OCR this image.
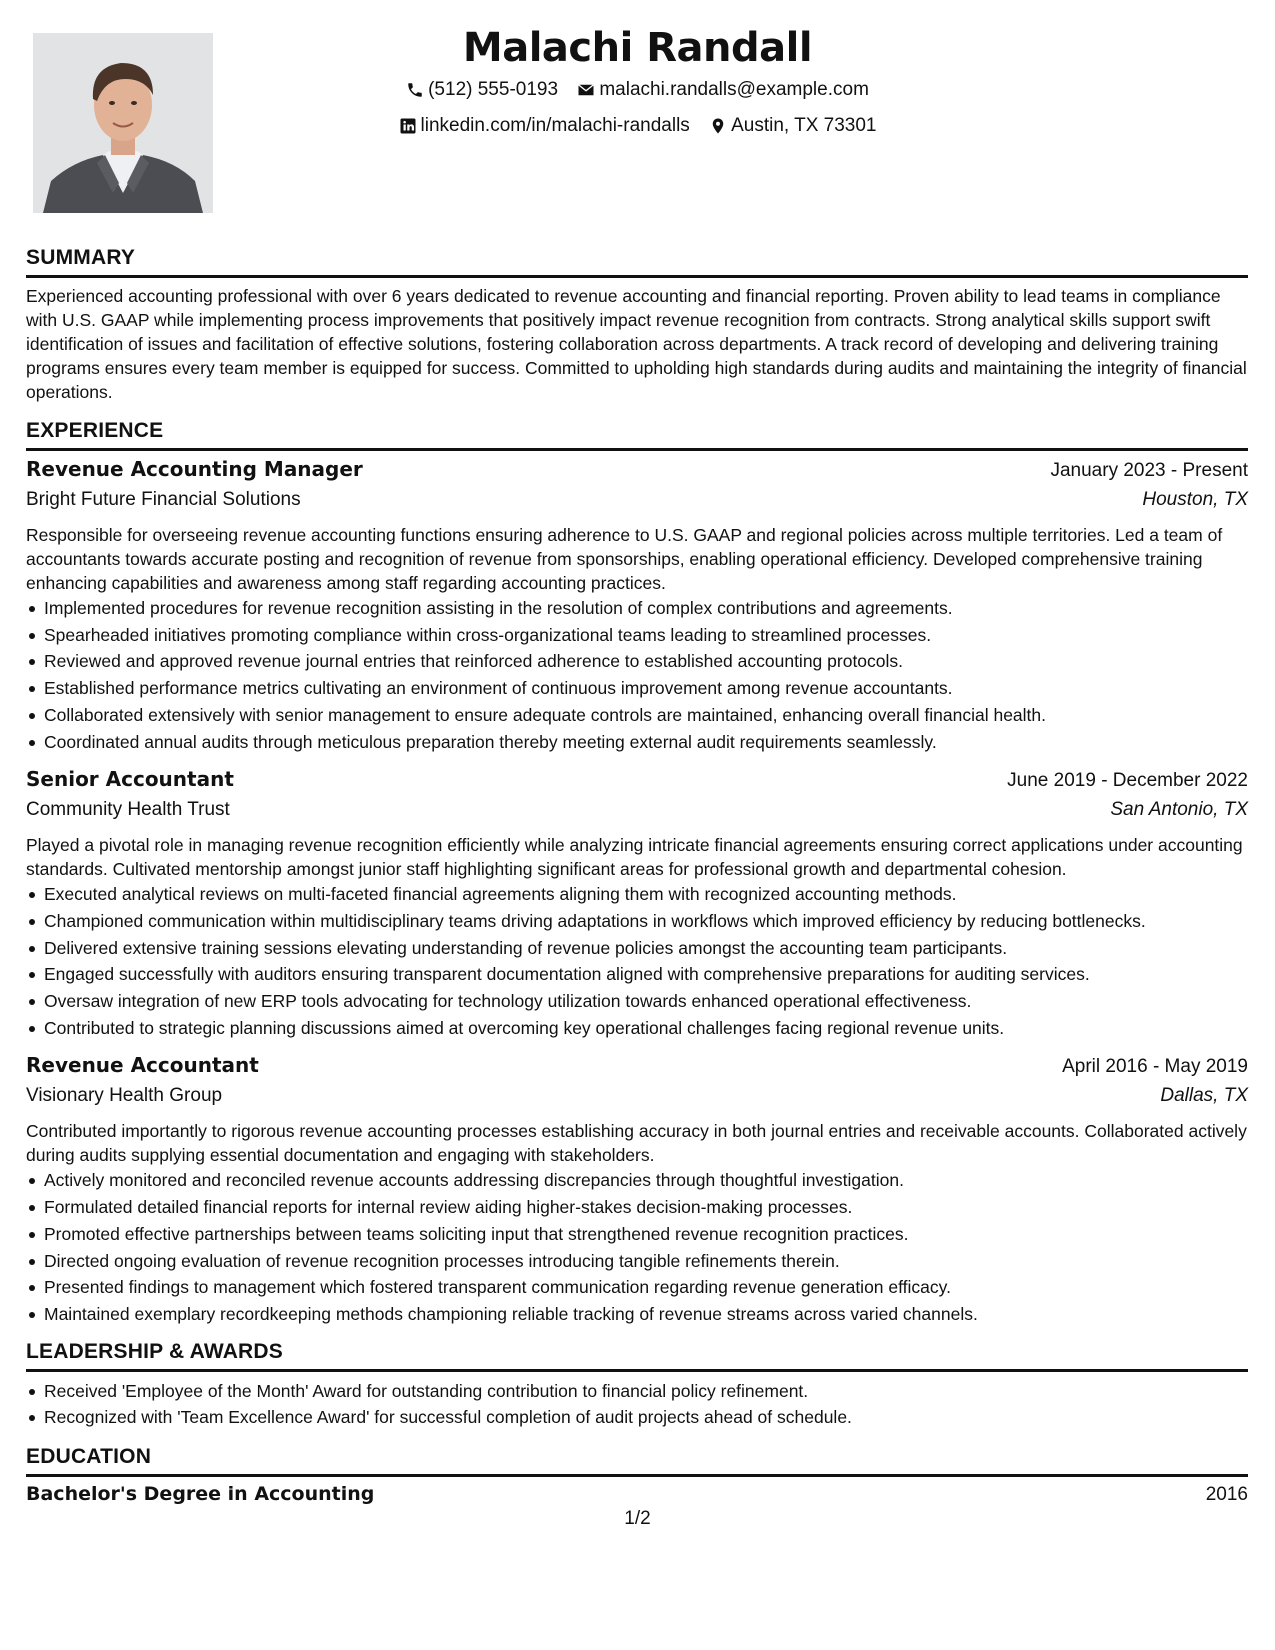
Malachi Randall
(512) 555-0193
malachi.randalls@example.com
linkedin.com/in/malachi-randalls
Austin, TX 73301
SUMMARY

Experienced accounting professional with over 6 years dedicated to revenue accounting and financial reporting. Proven ability to lead teams in compliance with U.S. GAAP while implementing process improvements that positively impact revenue recognition from contracts. Strong analytical skills support swift identification of issues and facilitation of effective solutions, fostering collaboration across departments. A track record of developing and delivering training programs ensures every team member is equipped for success. Committed to upholding high standards during audits and maintaining the integrity of financial operations.

EXPERIENCE
Revenue Accounting Manager	January 2023 - Present
Bright Future Financial Solutions	Houston, TX

Responsible for overseeing revenue accounting functions ensuring adherence to U.S. GAAP and regional policies across multiple territories. Led a team of accountants towards accurate posting and recognition of revenue from sponsorships, enabling operational efficiency. Developed comprehensive training enhancing capabilities and awareness among staff regarding accounting practices.

Implemented procedures for revenue recognition assisting in the resolution of complex contributions and agreements.
Spearheaded initiatives promoting compliance within cross-organizational teams leading to streamlined processes.
Reviewed and approved revenue journal entries that reinforced adherence to established accounting protocols.
Established performance metrics cultivating an environment of continuous improvement among revenue accountants.
Collaborated extensively with senior management to ensure adequate controls are maintained, enhancing overall financial health.
Coordinated annual audits through meticulous preparation thereby meeting external audit requirements seamlessly.
Senior Accountant	June 2019 - December 2022
Community Health Trust	San Antonio, TX

Played a pivotal role in managing revenue recognition efficiently while analyzing intricate financial agreements ensuring correct applications under accounting standards. Cultivated mentorship amongst junior staff highlighting significant areas for professional growth and departmental cohesion.

Executed analytical reviews on multi-faceted financial agreements aligning them with recognized accounting methods.
Championed communication within multidisciplinary teams driving adaptations in workflows which improved efficiency by reducing bottlenecks.
Delivered extensive training sessions elevating understanding of revenue policies amongst the accounting team participants.
Engaged successfully with auditors ensuring transparent documentation aligned with comprehensive preparations for auditing services.
Oversaw integration of new ERP tools advocating for technology utilization towards enhanced operational effectiveness.
Contributed to strategic planning discussions aimed at overcoming key operational challenges facing regional revenue units.
Revenue Accountant	April 2016 - May 2019
Visionary Health Group	Dallas, TX

Contributed importantly to rigorous revenue accounting processes establishing accuracy in both journal entries and receivable accounts. Collaborated actively during audits supplying essential documentation and engaging with stakeholders.

Actively monitored and reconciled revenue accounts addressing discrepancies through thoughtful investigation.
Formulated detailed financial reports for internal review aiding higher-stakes decision-making processes.
Promoted effective partnerships between teams soliciting input that strengthened revenue recognition practices.
Directed ongoing evaluation of revenue recognition processes introducing tangible refinements therein.
Presented findings to management which fostered transparent communication regarding revenue generation efficacy.
Maintained exemplary recordkeeping methods championing reliable tracking of revenue streams across varied channels.
LEADERSHIP & AWARDS
Received 'Employee of the Month' Award for outstanding contribution to financial policy refinement.
Recognized with 'Team Excellence Award' for successful completion of audit projects ahead of schedule.
EDUCATION
Bachelor's Degree in Accounting	2016
1/2
